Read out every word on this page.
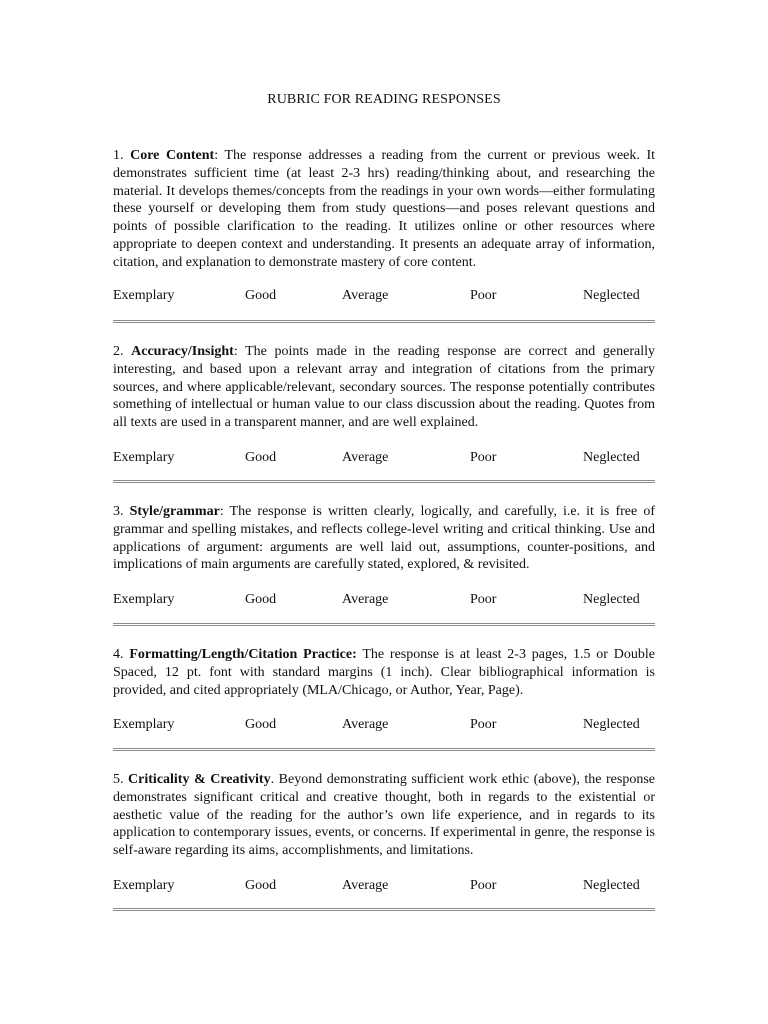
RUBRIC FOR READING RESPONSES

1. Core Content: The response addresses a reading from the current or previous week. It demonstrates sufficient time (at least 2-3 hrs) reading/thinking about, and researching the material. It develops themes/concepts from the readings in your own words—either formulating these yourself or developing them from study questions—and poses relevant questions and points of possible clarification to the reading. It utilizes online or other resources where appropriate to deepen context and understanding. It presents an adequate array of information, citation, and explanation to demonstrate mastery of core content.

Exemplary	Good	Average	Poor	Neglected

2. Accuracy/Insight: The points made in the reading response are correct and generally interesting, and based upon a relevant array and integration of citations from the primary sources, and where applicable/relevant, secondary sources. The response potentially contributes something of intellectual or human value to our class discussion about the reading. Quotes from all texts are used in a transparent manner, and are well explained.

Exemplary	Good	Average	Poor	Neglected

3. Style/grammar: The response is written clearly, logically, and carefully, i.e. it is free of grammar and spelling mistakes, and reflects college-level writing and critical thinking. Use and applications of argument: arguments are well laid out, assumptions, counter-positions, and implications of main arguments are carefully stated, explored, & revisited.

Exemplary	Good	Average	Poor	Neglected

4. Formatting/Length/Citation Practice: The response is at least 2-3 pages, 1.5 or Double Spaced, 12 pt. font with standard margins (1 inch). Clear bibliographical information is provided, and cited appropriately (MLA/Chicago, or Author, Year, Page).

Exemplary	Good	Average	Poor	Neglected

5. Criticality & Creativity. Beyond demonstrating sufficient work ethic (above), the response demonstrates significant critical and creative thought, both in regards to the existential or aesthetic value of the reading for the author’s own life experience, and in regards to its application to contemporary issues, events, or concerns. If experimental in genre, the response is self-aware regarding its aims, accomplishments, and limitations.

Exemplary	Good	Average	Poor	Neglected
